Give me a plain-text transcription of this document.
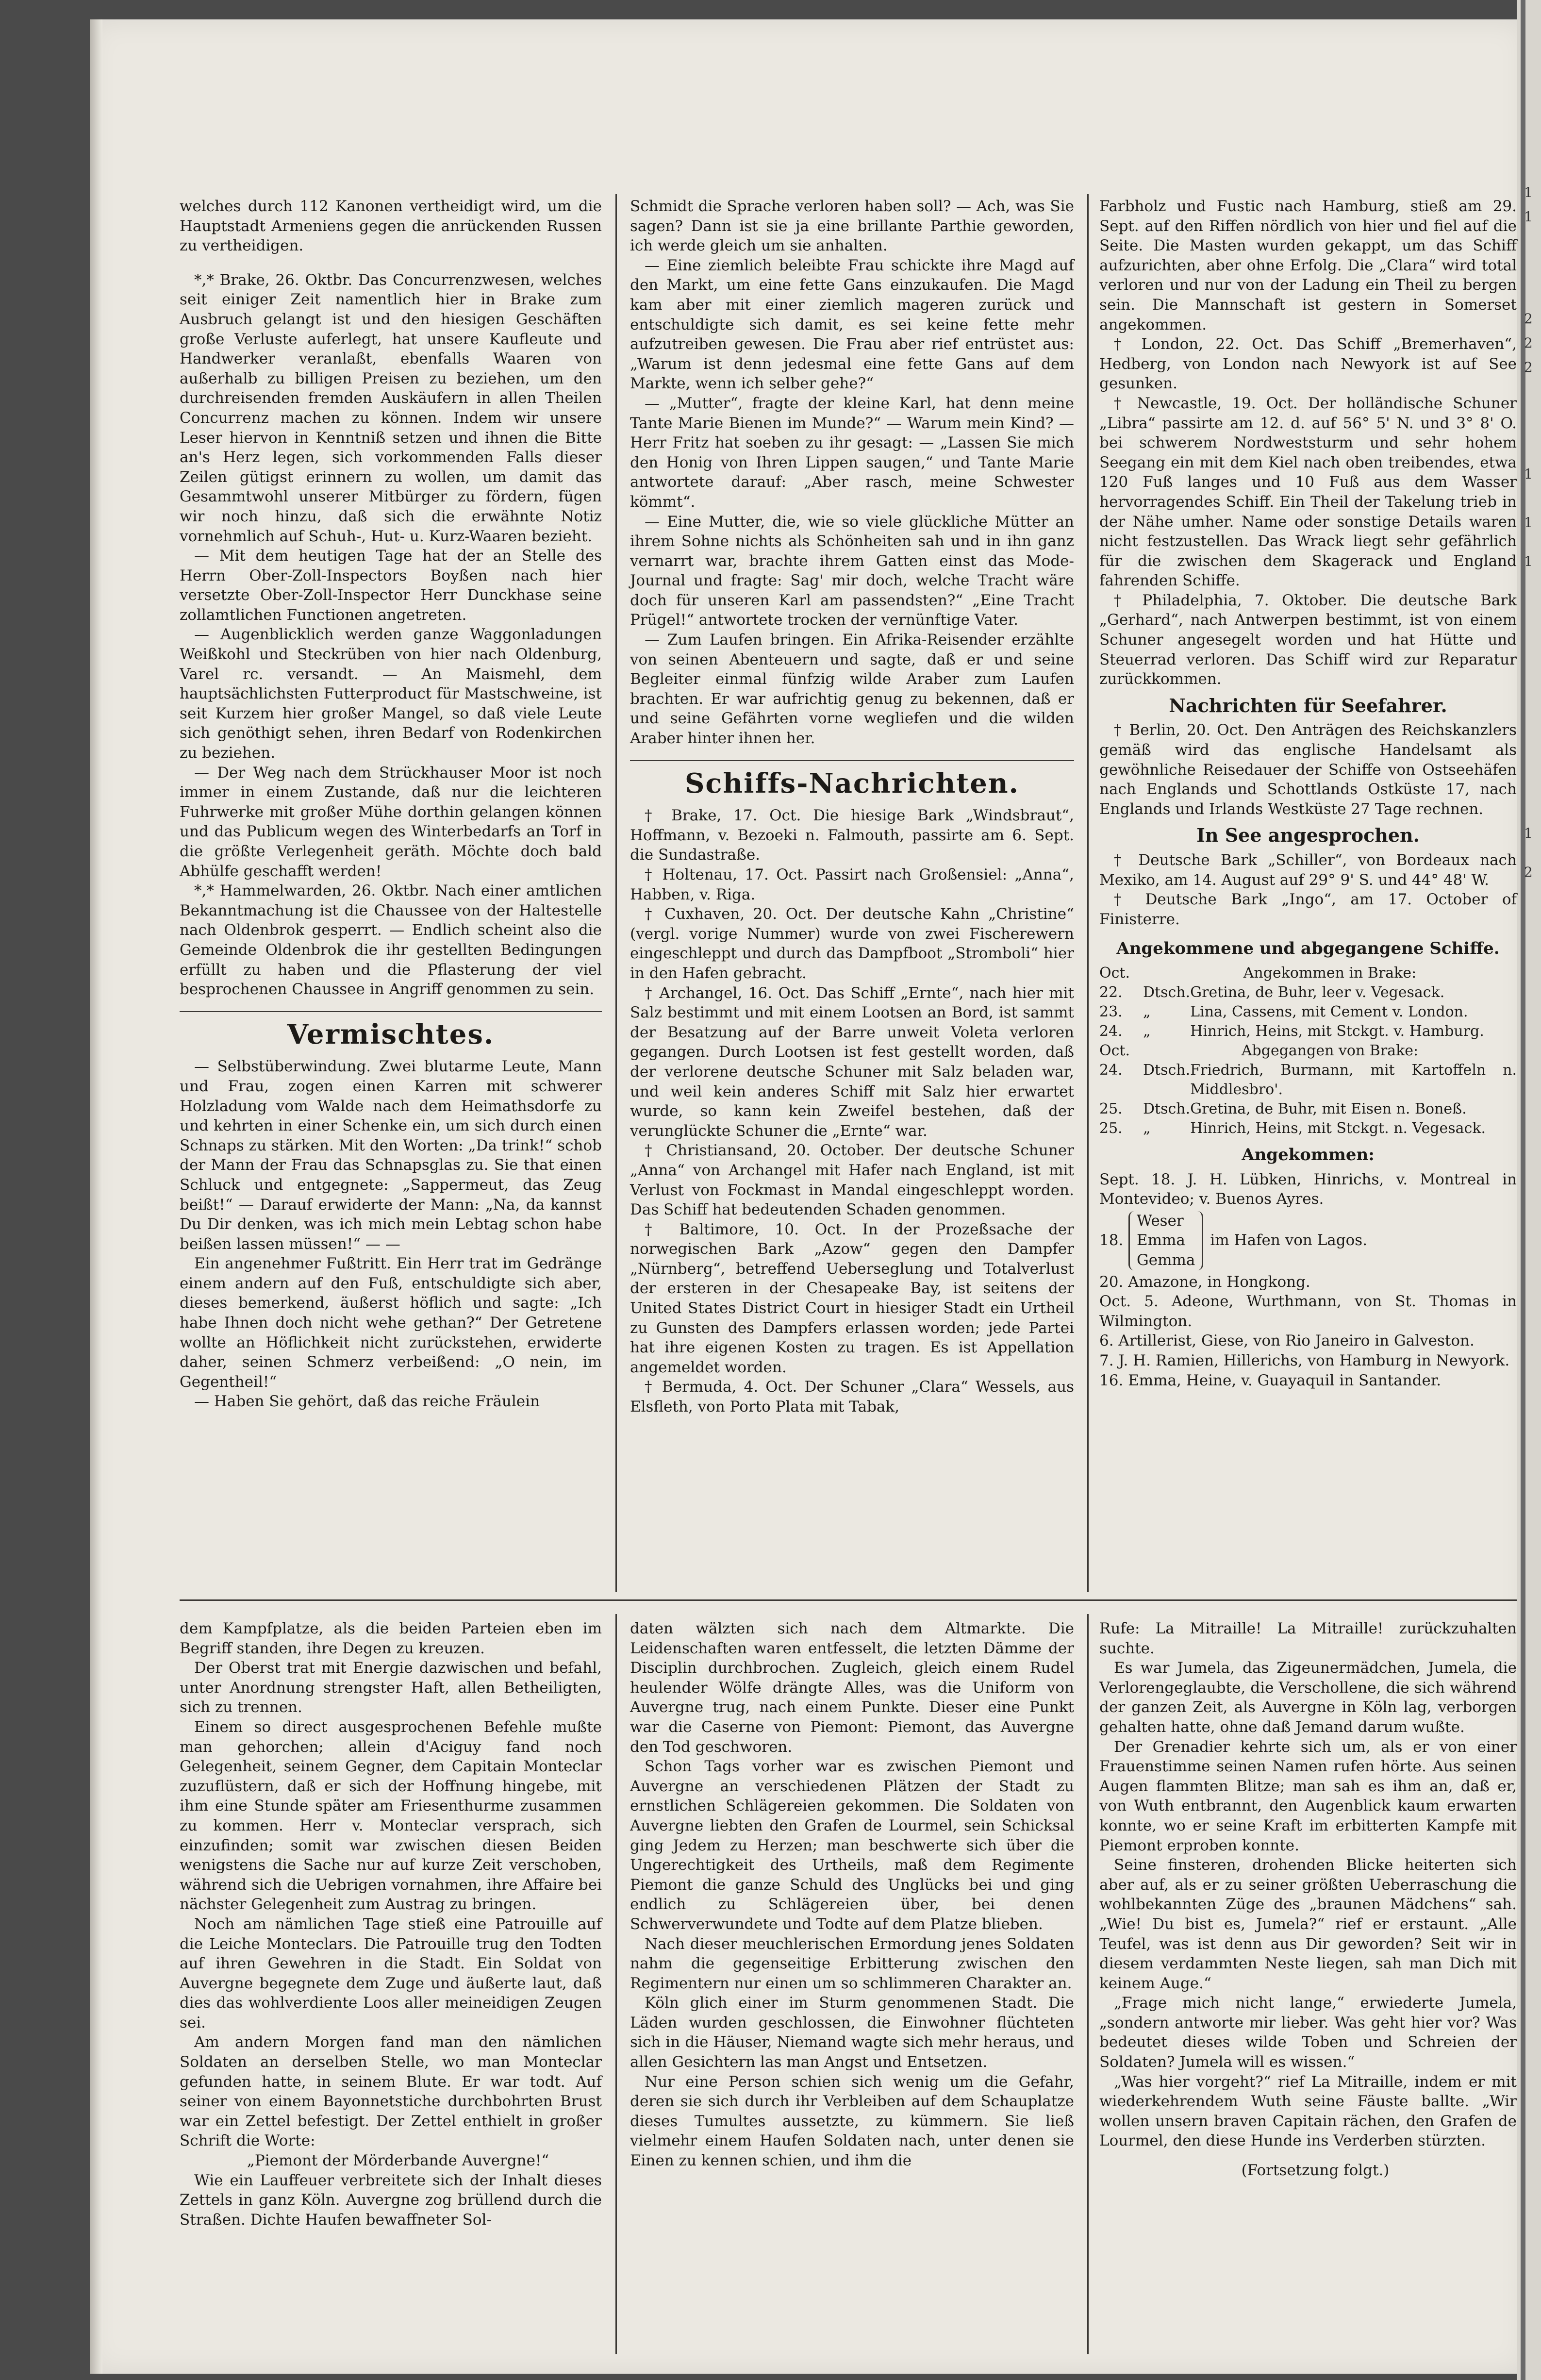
welches durch 112 Kanonen vertheidigt wird, um die Hauptstadt Armeniens gegen die anrückenden Russen zu vertheidigen.

*,* Brake, 26. Oktbr. Das Concurrenzwesen, welches seit einiger Zeit namentlich hier in Brake zum Ausbruch gelangt ist und den hiesigen Geschäften große Verluste auferlegt, hat unsere Kaufleute und Handwerker veranlaßt, ebenfalls Waaren von außerhalb zu billigen Preisen zu beziehen, um den durchreisenden fremden Auskäufern in allen Theilen Concurrenz machen zu können. Indem wir unsere Leser hiervon in Kenntniß setzen und ihnen die Bitte an's Herz legen, sich vorkommenden Falls dieser Zeilen gütigst erinnern zu wollen, um damit das Gesammtwohl unserer Mitbürger zu fördern, fügen wir noch hinzu, daß sich die erwähnte Notiz vornehmlich auf Schuh-, Hut- u. Kurz-Waaren bezieht.

— Mit dem heutigen Tage hat der an Stelle des Herrn Ober-Zoll-Inspectors Boyßen nach hier versetzte Ober-Zoll-Inspector Herr Dunckhase seine zollamtlichen Functionen angetreten.

— Augenblicklich werden ganze Waggonladungen Weißkohl und Steckrüben von hier nach Oldenburg, Varel rc. versandt. — An Maismehl, dem hauptsächlichsten Futterproduct für Mastschweine, ist seit Kurzem hier großer Mangel, so daß viele Leute sich genöthigt sehen, ihren Bedarf von Rodenkirchen zu beziehen.

— Der Weg nach dem Strückhauser Moor ist noch immer in einem Zustande, daß nur die leichteren Fuhrwerke mit großer Mühe dorthin gelangen können und das Publicum wegen des Winterbedarfs an Torf in die größte Verlegenheit geräth. Möchte doch bald Abhülfe geschafft werden!

*,* Hammelwarden, 26. Oktbr. Nach einer amtlichen Bekanntmachung ist die Chaussee von der Haltestelle nach Oldenbrok gesperrt. — Endlich scheint also die Gemeinde Oldenbrok die ihr gestellten Bedingungen erfüllt zu haben und die Pflasterung der viel besprochenen Chaussee in Angriff genommen zu sein.

Vermischtes.

— Selbstüberwindung. Zwei blutarme Leute, Mann und Frau, zogen einen Karren mit schwerer Holzladung vom Walde nach dem Heimathsdorfe zu und kehrten in einer Schenke ein, um sich durch einen Schnaps zu stärken. Mit den Worten: „Da trink!“ schob der Mann der Frau das Schnapsglas zu. Sie that einen Schluck und entgegnete: „Sappermeut, das Zeug beißt!“ — Darauf erwiderte der Mann: „Na, da kannst Du Dir denken, was ich mich mein Lebtag schon habe beißen lassen müssen!“ — —

Ein angenehmer Fußtritt. Ein Herr trat im Gedränge einem andern auf den Fuß, entschuldigte sich aber, dieses bemerkend, äußerst höflich und sagte: „Ich habe Ihnen doch nicht wehe gethan?“ Der Getretene wollte an Höflichkeit nicht zurückstehen, erwiderte daher, seinen Schmerz verbeißend: „O nein, im Gegentheil!“

— Haben Sie gehört, daß das reiche Fräulein

Schmidt die Sprache verloren haben soll? — Ach, was Sie sagen? Dann ist sie ja eine brillante Parthie geworden, ich werde gleich um sie anhalten.

— Eine ziemlich beleibte Frau schickte ihre Magd auf den Markt, um eine fette Gans einzukaufen. Die Magd kam aber mit einer ziemlich mageren zurück und entschuldigte sich damit, es sei keine fette mehr aufzutreiben gewesen. Die Frau aber rief entrüstet aus: „Warum ist denn jedesmal eine fette Gans auf dem Markte, wenn ich selber gehe?“

— „Mutter“, fragte der kleine Karl, hat denn meine Tante Marie Bienen im Munde?“ — Warum mein Kind? — Herr Fritz hat soeben zu ihr gesagt: — „Lassen Sie mich den Honig von Ihren Lippen saugen,“ und Tante Marie antwortete darauf: „Aber rasch, meine Schwester kömmt“.

— Eine Mutter, die, wie so viele glückliche Mütter an ihrem Sohne nichts als Schönheiten sah und in ihn ganz vernarrt war, brachte ihrem Gatten einst das Mode-Journal und fragte: Sag' mir doch, welche Tracht wäre doch für unseren Karl am passendsten?“ „Eine Tracht Prügel!“ antwortete trocken der vernünftige Vater.

— Zum Laufen bringen. Ein Afrika-Reisender erzählte von seinen Abenteuern und sagte, daß er und seine Begleiter einmal fünfzig wilde Araber zum Laufen brachten. Er war aufrichtig genug zu bekennen, daß er und seine Gefährten vorne wegliefen und die wilden Araber hinter ihnen her.

Schiffs-Nachrichten.

† Brake, 17. Oct. Die hiesige Bark „Windsbraut“, Hoffmann, v. Bezoeki n. Falmouth, passirte am 6. Sept. die Sundastraße.

† Holtenau, 17. Oct. Passirt nach Großensiel: „Anna“, Habben, v. Riga.

† Cuxhaven, 20. Oct. Der deutsche Kahn „Christine“ (vergl. vorige Nummer) wurde von zwei Fischerewern eingeschleppt und durch das Dampfboot „Stromboli“ hier in den Hafen gebracht.

† Archangel, 16. Oct. Das Schiff „Ernte“, nach hier mit Salz bestimmt und mit einem Lootsen an Bord, ist sammt der Besatzung auf der Barre unweit Voleta verloren gegangen. Durch Lootsen ist fest gestellt worden, daß der verlorene deutsche Schuner mit Salz beladen war, und weil kein anderes Schiff mit Salz hier erwartet wurde, so kann kein Zweifel bestehen, daß der verunglückte Schuner die „Ernte“ war.

† Christiansand, 20. October. Der deutsche Schuner „Anna“ von Archangel mit Hafer nach England, ist mit Verlust von Fockmast in Mandal eingeschleppt worden. Das Schiff hat bedeutenden Schaden genommen.

† Baltimore, 10. Oct. In der Prozeßsache der norwegischen Bark „Azow“ gegen den Dampfer „Nürnberg“, betreffend Ueberseglung und Totalverlust der ersteren in der Chesapeake Bay, ist seitens der United States District Court in hiesiger Stadt ein Urtheil zu Gunsten des Dampfers erlassen worden; jede Partei hat ihre eigenen Kosten zu tragen. Es ist Appellation angemeldet worden.

† Bermuda, 4. Oct. Der Schuner „Clara“ Wessels, aus Elsfleth, von Porto Plata mit Tabak,

Farbholz und Fustic nach Hamburg, stieß am 29. Sept. auf den Riffen nördlich von hier und fiel auf die Seite. Die Masten wurden gekappt, um das Schiff aufzurichten, aber ohne Erfolg. Die „Clara“ wird total verloren und nur von der Ladung ein Theil zu bergen sein. Die Mannschaft ist gestern in Somerset angekommen.

† London, 22. Oct. Das Schiff „Bremerhaven“, Hedberg, von London nach Newyork ist auf See gesunken.

† Newcastle, 19. Oct. Der holländische Schuner „Libra“ passirte am 12. d. auf 56° 5' N. und 3° 8' O. bei schwerem Nordweststurm und sehr hohem Seegang ein mit dem Kiel nach oben treibendes, etwa 120 Fuß langes und 10 Fuß aus dem Wasser hervorragendes Schiff. Ein Theil der Takelung trieb in der Nähe umher. Name oder sonstige Details waren nicht festzustellen. Das Wrack liegt sehr gefährlich für die zwischen dem Skagerack und England fahrenden Schiffe.

† Philadelphia, 7. Oktober. Die deutsche Bark „Gerhard“, nach Antwerpen bestimmt, ist von einem Schuner angesegelt worden und hat Hütte und Steuerrad verloren. Das Schiff wird zur Reparatur zurückkommen.

Nachrichten für Seefahrer.

† Berlin, 20. Oct. Den Anträgen des Reichskanzlers gemäß wird das englische Handelsamt als gewöhnliche Reisedauer der Schiffe von Ostseehäfen nach Englands und Schottlands Ostküste 17, nach Englands und Irlands Westküste 27 Tage rechnen.

In See angesprochen.

† Deutsche Bark „Schiller“, von Bordeaux nach Mexiko, am 14. August auf 29° 9' S. und 44° 48' W.

† Deutsche Bark „Ingo“, am 17. October of Finisterre.

Angekommene und abgegangene Schiffe.
Oct.	Angekommen in Brake:	
22.	Dtsch.	Gretina, de Buhr, leer v. Vegesack.
23.	„	Lina, Cassens, mit Cement v. London.
24.	„	Hinrich, Heins, mit Stckgt. v. Hamburg.
Oct.	Abgegangen von Brake:	
24.	Dtsch.	Friedrich, Burmann, mit Kartoffeln n. Middlesbro'.
25.	Dtsch.	Gretina, de Buhr, mit Eisen n. Boneß.
25.	„	Hinrich, Heins, mit Stckgt. n. Vegesack.
Angekommen:

Sept. 18. J. H. Lübken, Hinrichs, v. Montreal in Montevideo; v. Buenos Ayres.

18.
Weser
Emma
Gemma
im Hafen von Lagos.

20. Amazone, in Hongkong.

Oct. 5. Adeone, Wurthmann, von St. Thomas in Wilmington.

6. Artillerist, Giese, von Rio Janeiro in Galveston.

7. J. H. Ramien, Hillerichs, von Hamburg in Newyork.

16. Emma, Heine, v. Guayaquil in Santander.

dem Kampfplatze, als die beiden Parteien eben im Begriff standen, ihre Degen zu kreuzen.

Der Oberst trat mit Energie dazwischen und befahl, unter Anordnung strengster Haft, allen Betheiligten, sich zu trennen.

Einem so direct ausgesprochenen Befehle mußte man gehorchen; allein d'Aciguy fand noch Gelegenheit, seinem Gegner, dem Capitain Monteclar zuzuflüstern, daß er sich der Hoffnung hingebe, mit ihm eine Stunde später am Friesenthurme zusammen zu kommen. Herr v. Monteclar versprach, sich einzufinden; somit war zwischen diesen Beiden wenigstens die Sache nur auf kurze Zeit verschoben, während sich die Uebrigen vornahmen, ihre Affaire bei nächster Gelegenheit zum Austrag zu bringen.

Noch am nämlichen Tage stieß eine Patrouille auf die Leiche Monteclars. Die Patrouille trug den Todten auf ihren Gewehren in die Stadt. Ein Soldat von Auvergne begegnete dem Zuge und äußerte laut, daß dies das wohlverdiente Loos aller meineidigen Zeugen sei.

Am andern Morgen fand man den nämlichen Soldaten an derselben Stelle, wo man Monteclar gefunden hatte, in seinem Blute. Er war todt. Auf seiner von einem Bayonnetstiche durchbohrten Brust war ein Zettel befestigt. Der Zettel enthielt in großer Schrift die Worte:

„Piemont der Mörderbande Auvergne!“

Wie ein Lauffeuer verbreitete sich der Inhalt dieses Zettels in ganz Köln. Auvergne zog brüllend durch die Straßen. Dichte Haufen bewaffneter Sol-

daten wälzten sich nach dem Altmarkte. Die Leidenschaften waren entfesselt, die letzten Dämme der Disciplin durchbrochen. Zugleich, gleich einem Rudel heulender Wölfe drängte Alles, was die Uniform von Auvergne trug, nach einem Punkte. Dieser eine Punkt war die Caserne von Piemont: Piemont, das Auvergne den Tod geschworen.

Schon Tags vorher war es zwischen Piemont und Auvergne an verschiedenen Plätzen der Stadt zu ernstlichen Schlägereien gekommen. Die Soldaten von Auvergne liebten den Grafen de Lourmel, sein Schicksal ging Jedem zu Herzen; man beschwerte sich über die Ungerechtigkeit des Urtheils, maß dem Regimente Piemont die ganze Schuld des Unglücks bei und ging endlich zu Schlägereien über, bei denen Schwerverwundete und Todte auf dem Platze blieben.

Nach dieser meuchlerischen Ermordung jenes Soldaten nahm die gegenseitige Erbitterung zwischen den Regimentern nur einen um so schlimmeren Charakter an.

Köln glich einer im Sturm genommenen Stadt. Die Läden wurden geschlossen, die Einwohner flüchteten sich in die Häuser, Niemand wagte sich mehr heraus, und allen Gesichtern las man Angst und Entsetzen.

Nur eine Person schien sich wenig um die Gefahr, deren sie sich durch ihr Verbleiben auf dem Schauplatze dieses Tumultes aussetzte, zu kümmern. Sie ließ vielmehr einem Haufen Soldaten nach, unter denen sie Einen zu kennen schien, und ihm die

Rufe: La Mitraille! La Mitraille! zurückzuhalten suchte.

Es war Jumela, das Zigeunermädchen, Jumela, die Verlorengeglaubte, die Verschollene, die sich während der ganzen Zeit, als Auvergne in Köln lag, verborgen gehalten hatte, ohne daß Jemand darum wußte.

Der Grenadier kehrte sich um, als er von einer Frauenstimme seinen Namen rufen hörte. Aus seinen Augen flammten Blitze; man sah es ihm an, daß er, von Wuth entbrannt, den Augenblick kaum erwarten konnte, wo er seine Kraft im erbitterten Kampfe mit Piemont erproben konnte.

Seine finsteren, drohenden Blicke heiterten sich aber auf, als er zu seiner größten Ueberraschung die wohlbekannten Züge des „braunen Mädchens“ sah. „Wie! Du bist es, Jumela?“ rief er erstaunt. „Alle Teufel, was ist denn aus Dir geworden? Seit wir in diesem verdammten Neste liegen, sah man Dich mit keinem Auge.“

„Frage mich nicht lange,“ erwiederte Jumela, „sondern antworte mir lieber. Was geht hier vor? Was bedeutet dieses wilde Toben und Schreien der Soldaten? Jumela will es wissen.“

„Was hier vorgeht?“ rief La Mitraille, indem er mit wiederkehrendem Wuth seine Fäuste ballte. „Wir wollen unsern braven Capitain rächen, den Grafen de Lourmel, den diese Hunde ins Verderben stürzten.

(Fortsetzung folgt.)

1
1
2
2
2
1
1
1
1
2
